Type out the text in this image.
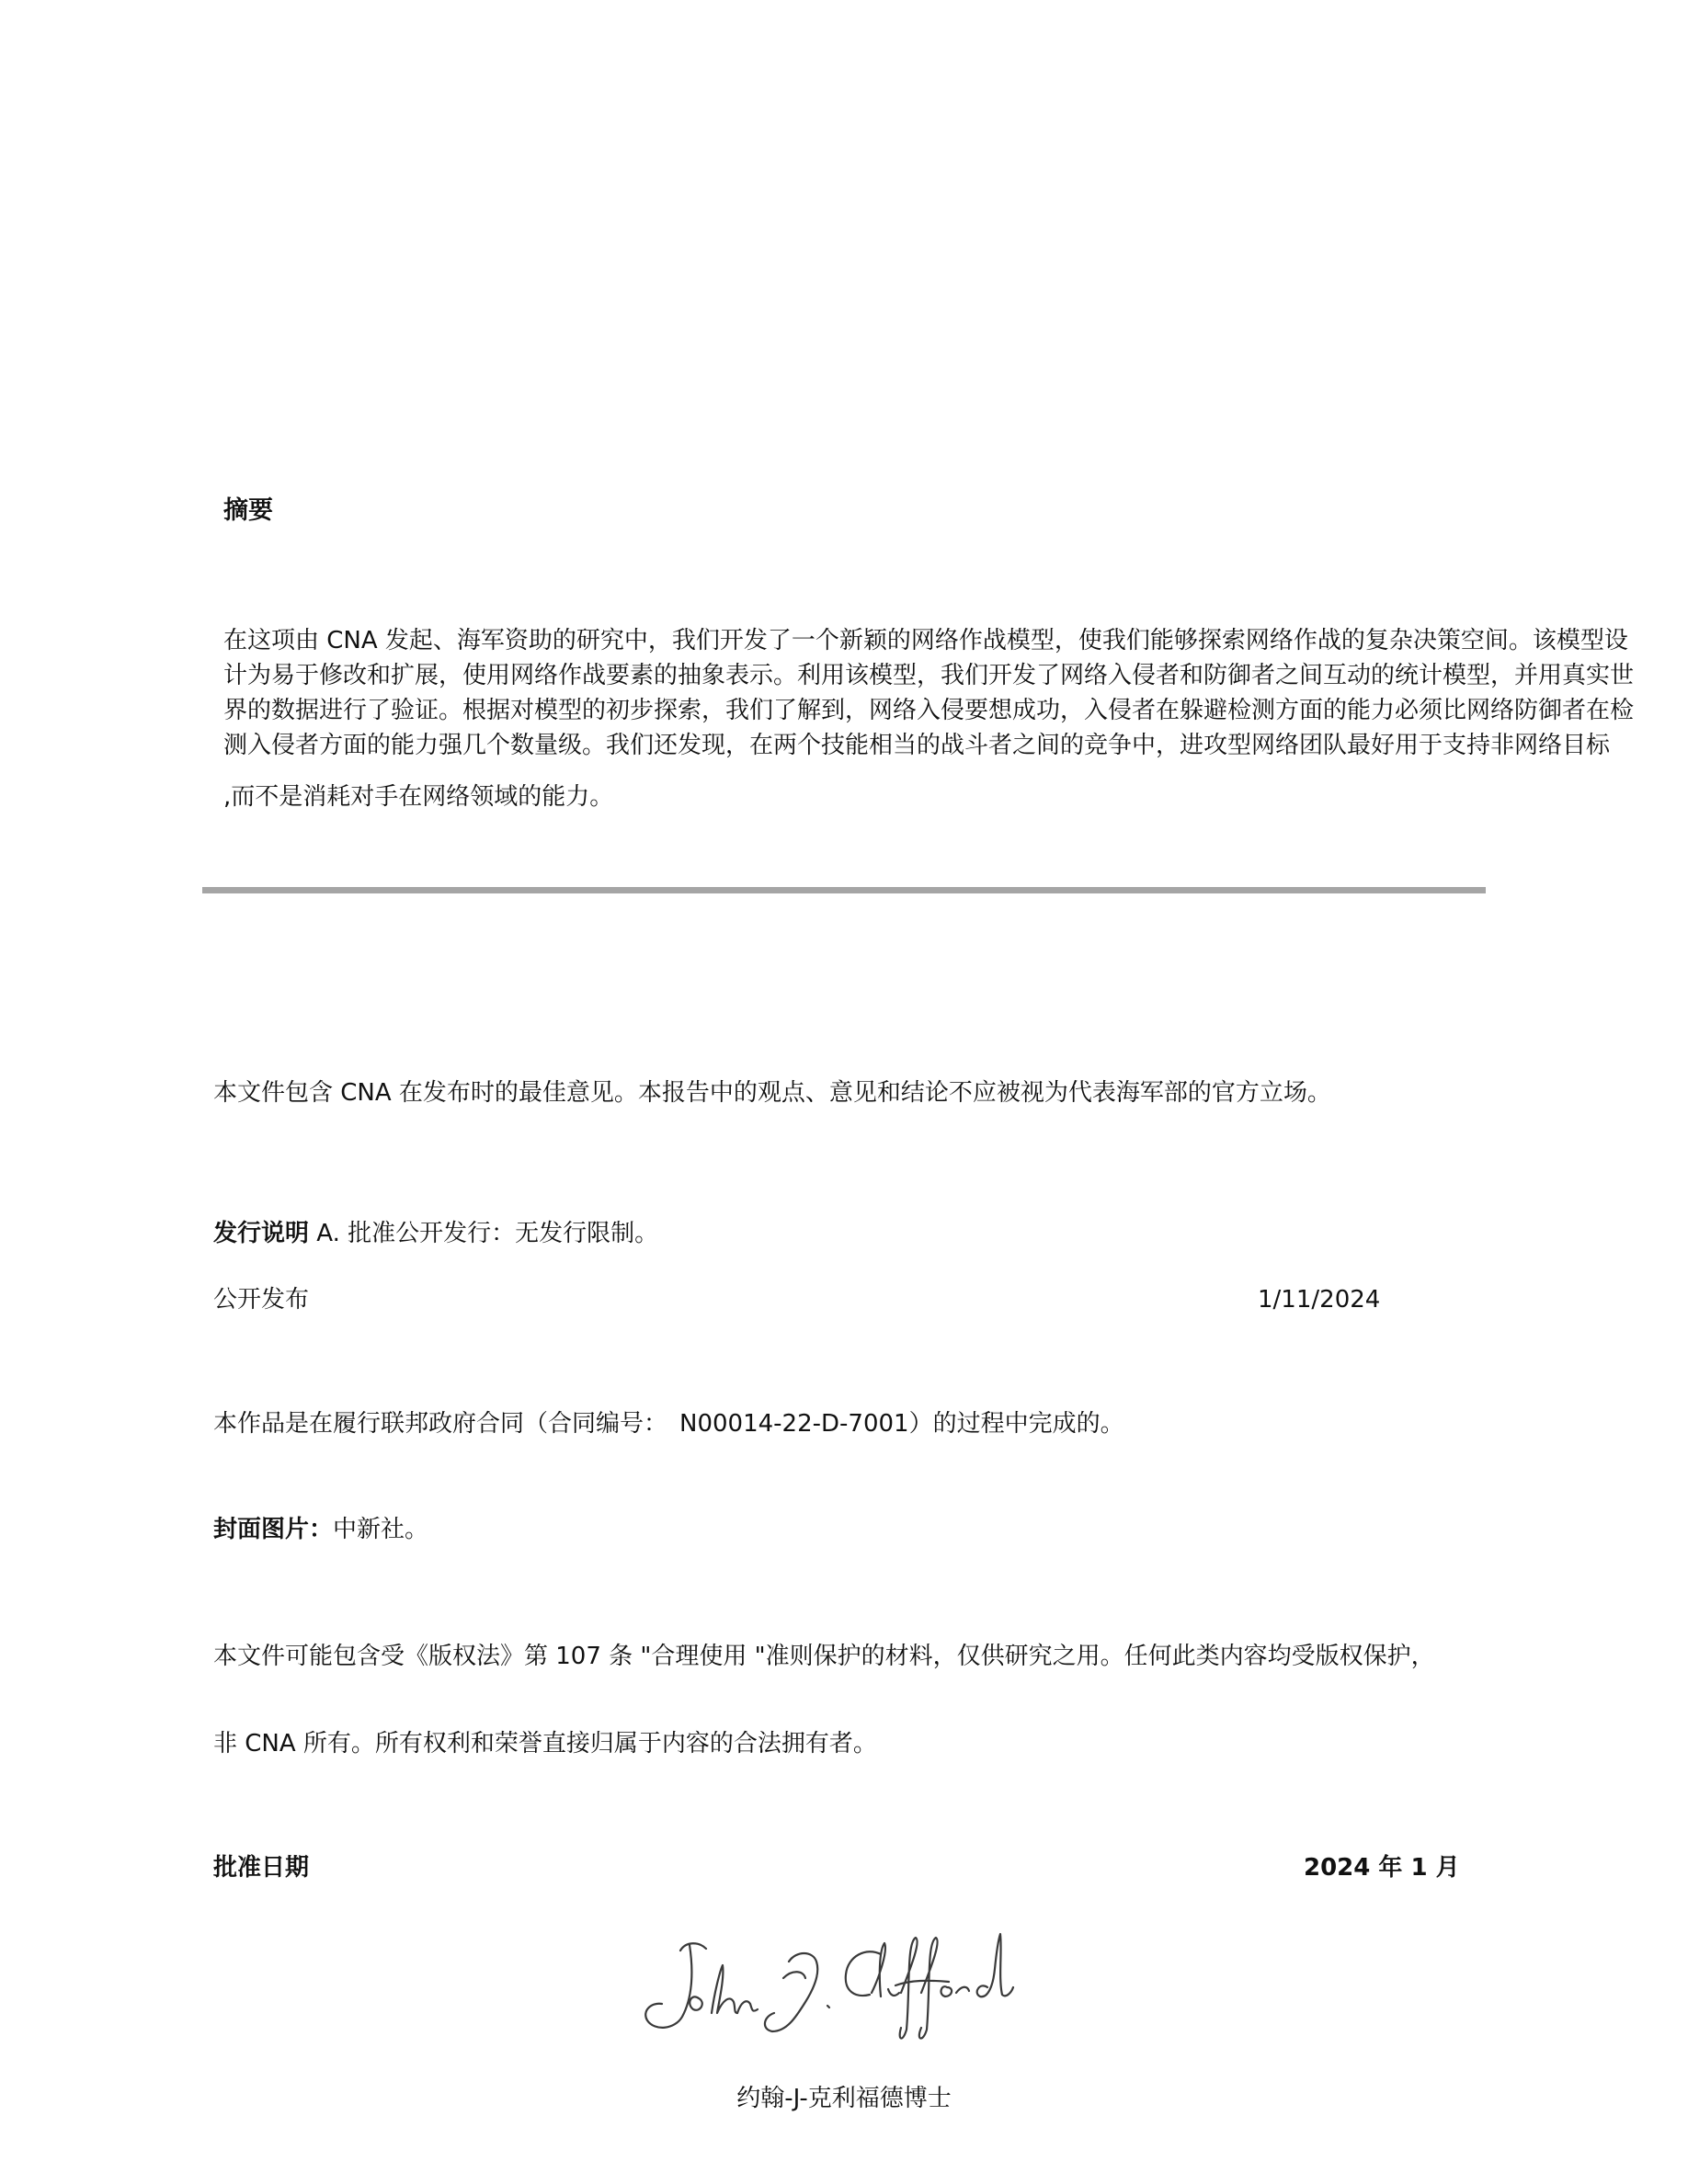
摘要
在这项由 CNA 发起、海军资助的研究中，我们开发了一个新颖的网络作战模型，使我们能够探索网络作战的复杂决策空间。该模型设
计为易于修改和扩展，使用网络作战要素的抽象表示。利用该模型，我们开发了网络入侵者和防御者之间互动的统计模型，并用真实世
界的数据进行了验证。根据对模型的初步探索，我们了解到，网络入侵要想成功，入侵者在躲避检测方面的能力必须比网络防御者在检
测入侵者方面的能力强几个数量级。我们还发现，在两个技能相当的战斗者之间的竞争中，进攻型网络团队最好用于支持非网络目标
,而不是消耗对手在网络领域的能力。
本文件包含 CNA 在发布时的最佳意见。本报告中的观点、意见和结论不应被视为代表海军部的官方立场。
发行说明 A. 批准公开发行：无发行限制。
公开发布	1/11/2024
本作品是在履行联邦政府合同（合同编号：　N00014-22-D-7001）的过程中完成的。
封面图片：中新社。
本文件可能包含受《版权法》第 107 条 "合理使用 "准则保护的材料，仅供研究之用。任何此类内容均受版权保护，
非 CNA 所有。所有权利和荣誉直接归属于内容的合法拥有者。
批准日期	2024 年 1 月
约翰-J-克利福德博士
